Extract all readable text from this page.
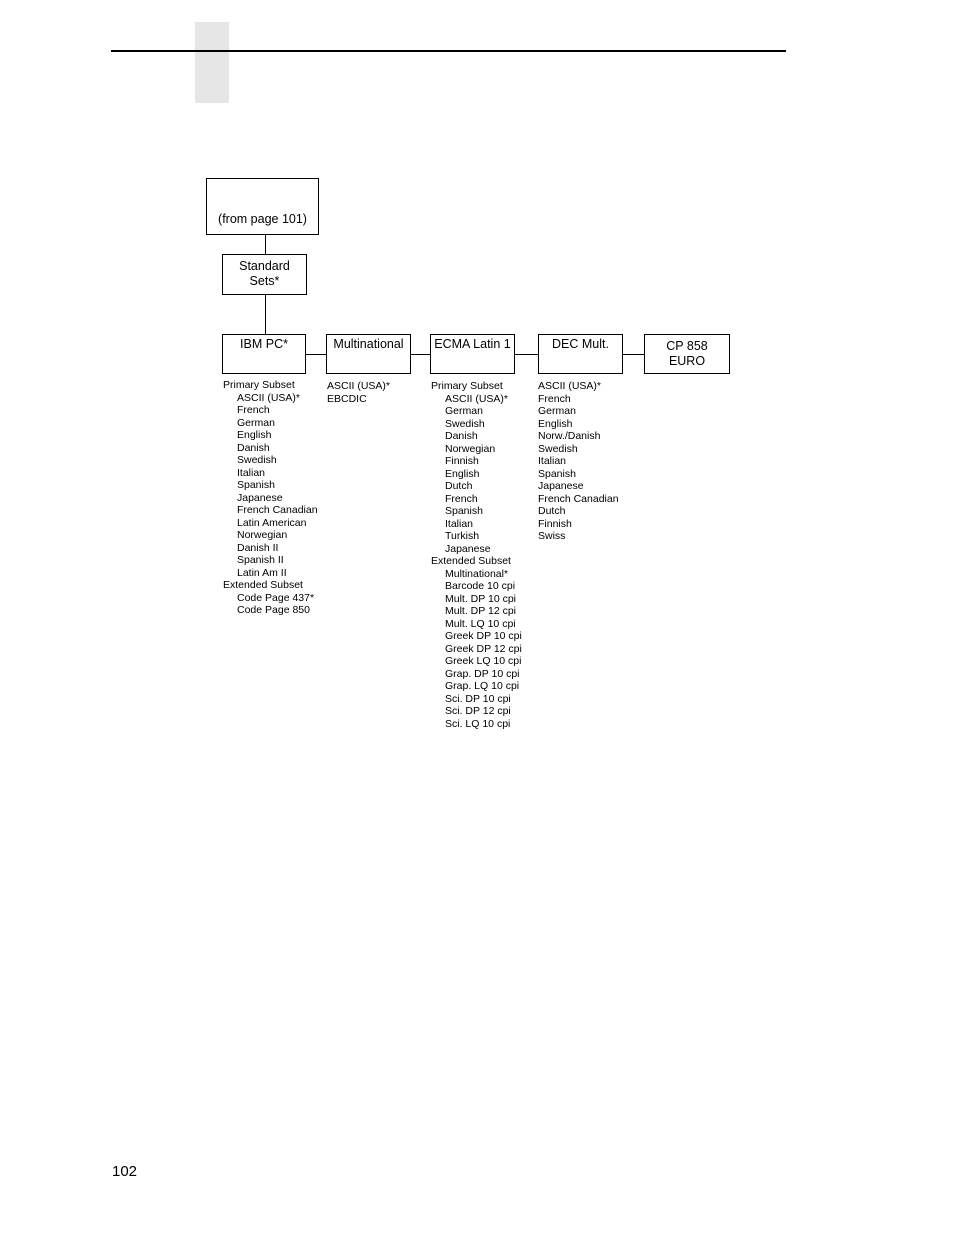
(from page 101)
Standard
Sets*
IBM PC*	Multinational	ECMA Latin 1	DEC Mult.	CP 858
EURO
Primary Subset
ASCII (USA)*
French
German
English
Danish
Swedish
Italian
Spanish
Japanese
French Canadian
Latin American
Norwegian
Danish II
Spanish II
Latin Am II
Extended Subset
Code Page 437*
Code Page 850
ASCII (USA)*
EBCDIC
Primary Subset
ASCII (USA)*
German
Swedish
Danish
Norwegian
Finnish
English
Dutch
French
Spanish
Italian
Turkish
Japanese
Extended Subset
Multinational*
Barcode 10 cpi
Mult. DP 10 cpi
Mult. DP 12 cpi
Mult. LQ 10 cpi
Greek DP 10 cpi
Greek DP 12 cpi
Greek LQ 10 cpi
Grap. DP 10 cpi
Grap. LQ 10 cpi
Sci. DP 10 cpi
Sci. DP 12 cpi
Sci. LQ 10 cpi
ASCII (USA)*
French
German
English
Norw./Danish
Swedish
Italian
Spanish
Japanese
French Canadian
Dutch
Finnish
Swiss
102
